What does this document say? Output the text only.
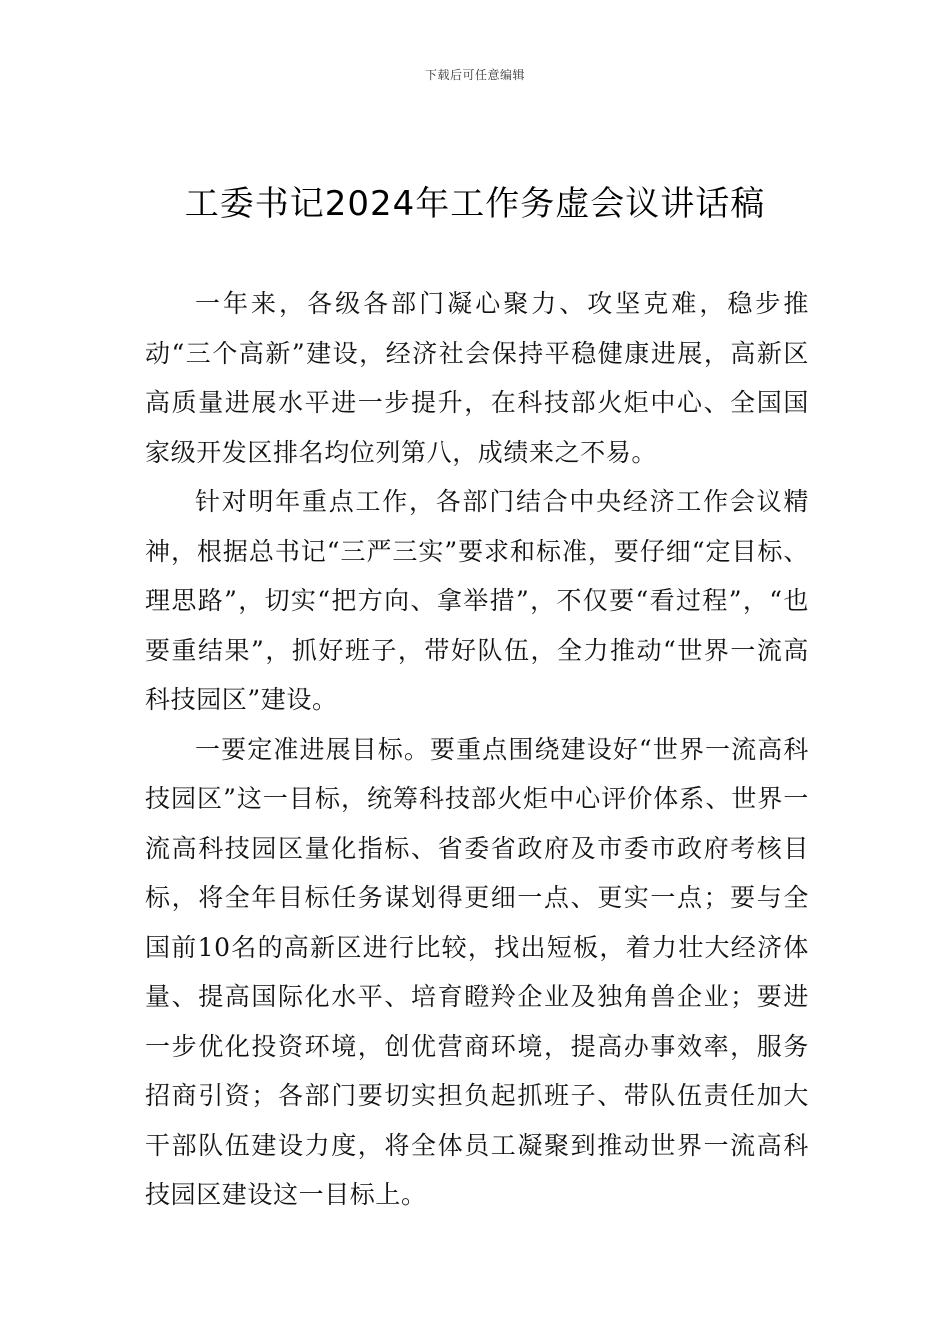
下载后可任意编辑
工委书记2024年工作务虚会议讲话稿

一年来，各级各部门凝心聚力、攻坚克难，稳步推动“三个高新”建设，经济社会保持平稳健康进展，高新区高质量进展水平进一步提升，在科技部火炬中心、全国国家级开发区排名均位列第八，成绩来之不易。

针对明年重点工作，各部门结合中央经济工作会议精神，根据总书记“三严三实”要求和标准，要仔细“定目标、理思路”，切实“把方向、拿举措”，不仅要“看过程”，“也要重结果”，抓好班子，带好队伍，全力推动“世界一流高科技园区”建设。

一要定准进展目标。要重点围绕建设好“世界一流高科技园区”这一目标，统筹科技部火炬中心评价体系、世界一流高科技园区量化指标、省委省政府及市委市政府考核目标，将全年目标任务谋划得更细一点、更实一点；要与全国前10名的高新区进行比较，找出短板，着力壮大经济体量、提高国际化水平、培育瞪羚企业及独角兽企业；要进一步优化投资环境，创优营商环境，提高办事效率，服务招商引资；各部门要切实担负起抓班子、带队伍责任加大干部队伍建设力度，将全体员工凝聚到推动世界一流高科技园区建设这一目标上。
